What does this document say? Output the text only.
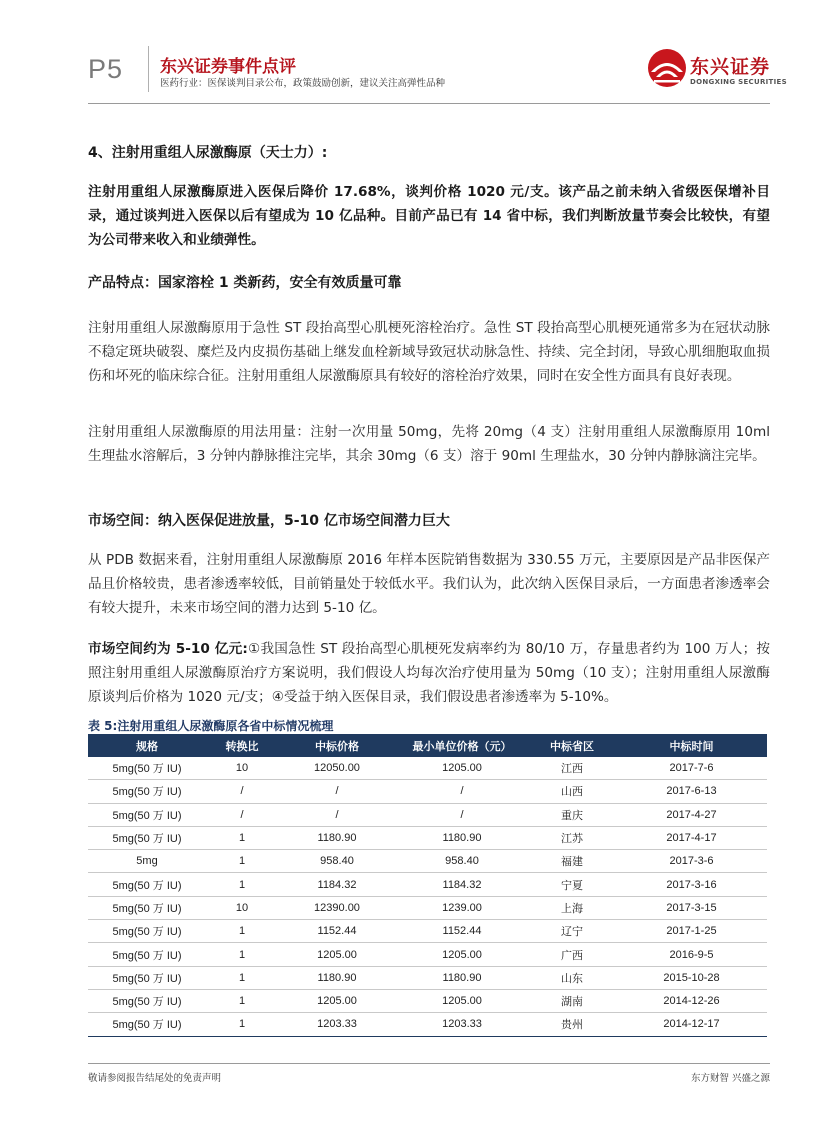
P5 东兴证券事件点评
医药行业：医保谈判目录公布，政策鼓励创新，建议关注高弹性品种
东兴证券
DONGXING SECURITIES
4、注射用重组人尿激酶原（天士力）:
注射用重组人尿激酶原进入医保后降价 17.68%，谈判价格 1020 元/支。该产品之前未纳入省级医保增补目录，通过谈判进入医保以后有望成为 10 亿品种。目前产品已有 14 省中标，我们判断放量节奏会比较快，有望为公司带来收入和业绩弹性。
产品特点：国家溶栓 1 类新药，安全有效质量可靠
注射用重组人尿激酶原用于急性 ST 段抬高型心肌梗死溶栓治疗。急性 ST 段抬高型心肌梗死通常多为在冠状动脉不稳定斑块破裂、糜烂及内皮损伤基础上继发血栓新域导致冠状动脉急性、持续、完全封闭，导致心肌细胞取血损伤和坏死的临床综合征。注射用重组人尿激酶原具有较好的溶栓治疗效果，同时在安全性方面具有良好表现。
注射用重组人尿激酶原的用法用量：注射一次用量 50mg，先将 20mg（4 支）注射用重组人尿激酶原用 10ml 生理盐水溶解后，3 分钟内静脉推注完毕，其余 30mg（6 支）溶于 90ml 生理盐水，30 分钟内静脉滴注完毕。
市场空间：纳入医保促进放量，5-10 亿市场空间潜力巨大
从 PDB 数据来看，注射用重组人尿激酶原 2016 年样本医院销售数据为 330.55 万元，主要原因是产品非医保产品且价格较贵，患者渗透率较低，目前销量处于较低水平。我们认为，此次纳入医保目录后，一方面患者渗透率会有较大提升，未来市场空间的潜力达到 5-10 亿。
市场空间约为 5-10 亿元:①我国急性 ST 段抬高型心肌梗死发病率约为 80/10 万，存量患者约为 100 万人；按照注射用重组人尿激酶原治疗方案说明，我们假设人均每次治疗使用量为 50mg（10 支）；注射用重组人尿激酶原谈判后价格为 1020 元/支；④受益于纳入医保目录，我们假设患者渗透率为 5-10%。
表 5:注射用重组人尿激酶原各省中标情况梳理
规格	转换比	中标价格	最小单位价格（元）	中标省区	中标时间
5mg(50 万 IU)	10	12050.00	1205.00	江西	2017-7-6
5mg(50 万 IU)	/	/	/	山西	2017-6-13
5mg(50 万 IU)	/	/	/	重庆	2017-4-27
5mg(50 万 IU)	1	1180.90	1180.90	江苏	2017-4-17
5mg	1	958.40	958.40	福建	2017-3-6
5mg(50 万 IU)	1	1184.32	1184.32	宁夏	2017-3-16
5mg(50 万 IU)	10	12390.00	1239.00	上海	2017-3-15
5mg(50 万 IU)	1	1152.44	1152.44	辽宁	2017-1-25
5mg(50 万 IU)	1	1205.00	1205.00	广西	2016-9-5
5mg(50 万 IU)	1	1180.90	1180.90	山东	2015-10-28
5mg(50 万 IU)	1	1205.00	1205.00	湖南	2014-12-26
5mg(50 万 IU)	1	1203.33	1203.33	贵州	2014-12-17
敬请参阅报告结尾处的免责声明	东方财智 兴盛之源
